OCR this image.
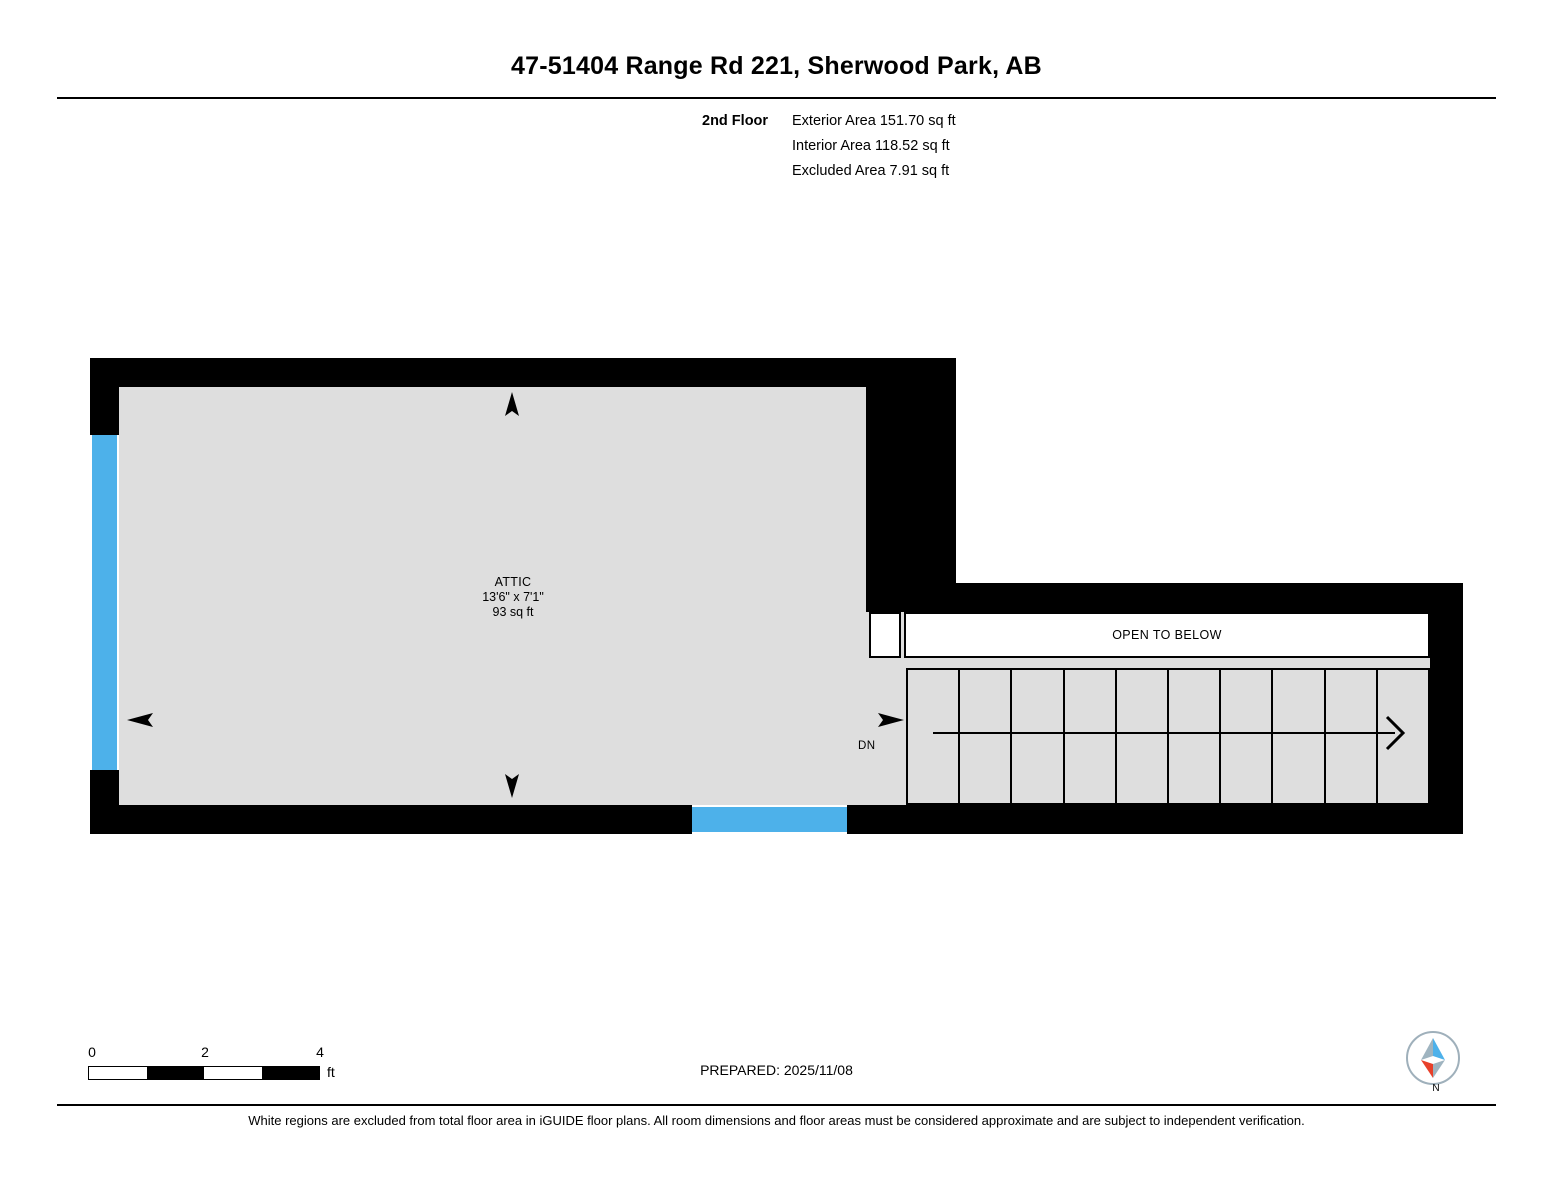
47-51404 Range Rd 221, Sherwood Park, AB
2nd Floor	Exterior Area 151.70 sq ft
Interior Area 118.52 sq ft
Excluded Area 7.91 sq ft
OPEN TO BELOW
DN
ATTIC
13'6" x 7'1"
93 sq ft
0	2	4
ft	PREPARED: 2025/11/08
N
White regions are excluded from total floor area in iGUIDE floor plans. All room dimensions and floor areas must be considered approximate and are subject to independent verification.
